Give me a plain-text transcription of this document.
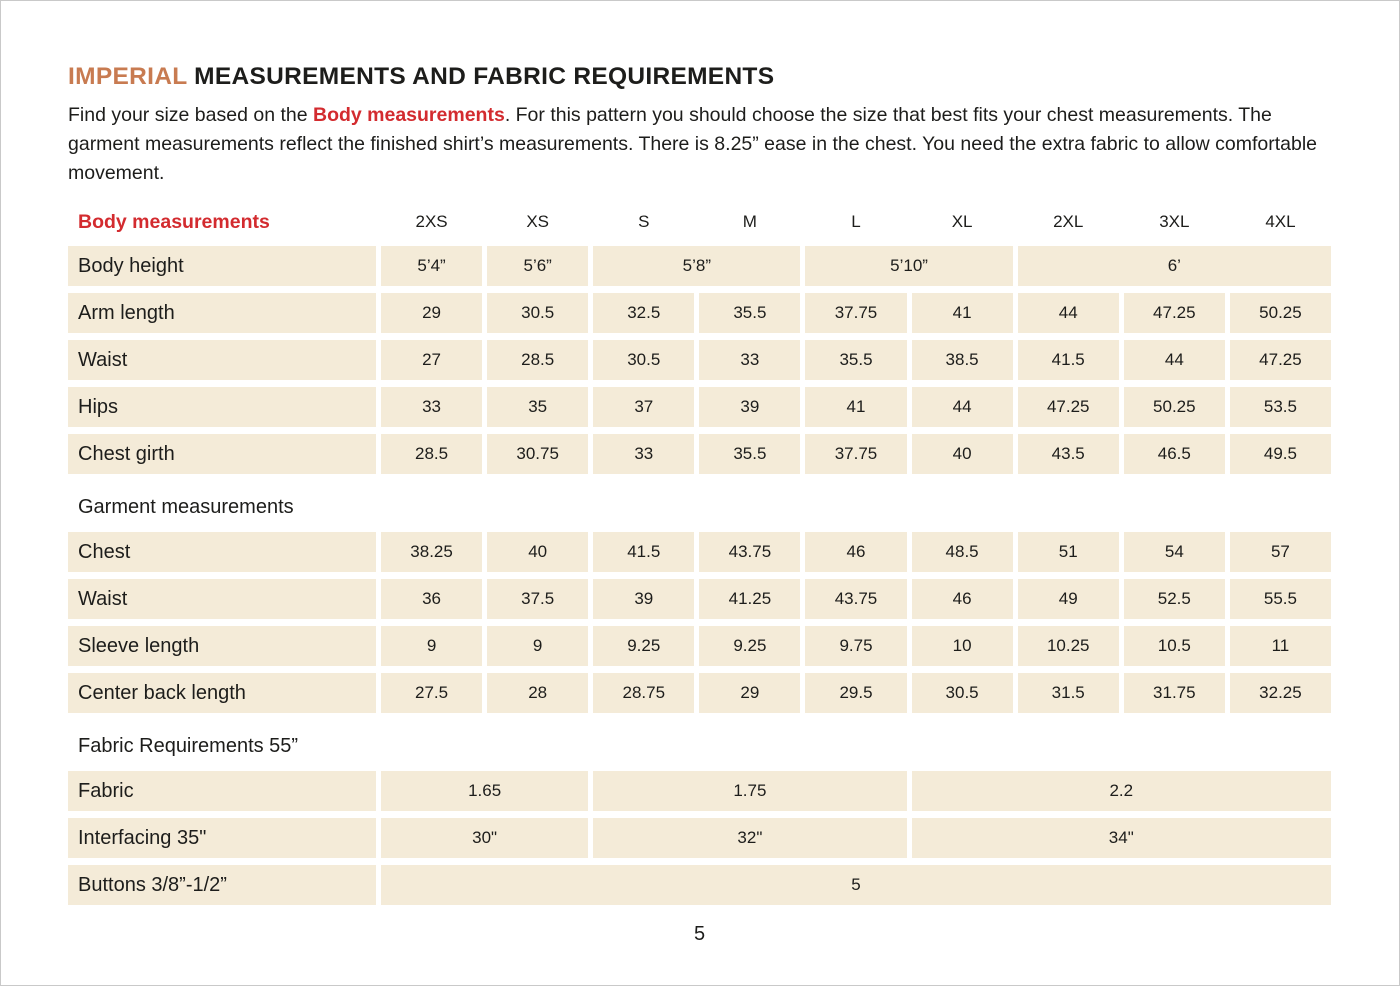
IMPERIAL MEASUREMENTS AND FABRIC REQUIREMENTS

Find your size based on the Body measurements. For this pattern you should choose the size that best fits your chest measurements. The garment measurements reflect the finished shirt’s measurements. There is 8.25” ease in the chest. You need the extra fabric to allow comfortable movement.

Body measurements	2XS	XS	S	M	L	XL	2XL	3XL	4XL
Body height	5’4”	5’6”	5’8”	5’10”	6’
Arm length	29	30.5	32.5	35.5	37.75	41	44	47.25	50.25
Waist	27	28.5	30.5	33	35.5	38.5	41.5	44	47.25
Hips	33	35	37	39	41	44	47.25	50.25	53.5
Chest girth	28.5	30.75	33	35.5	37.75	40	43.5	46.5	49.5
Garment measurements
Chest	38.25	40	41.5	43.75	46	48.5	51	54	57
Waist	36	37.5	39	41.25	43.75	46	49	52.5	55.5
Sleeve length	9	9	9.25	9.25	9.75	10	10.25	10.5	11
Center back length	27.5	28	28.75	29	29.5	30.5	31.5	31.75	32.25
Fabric Requirements 55”
Fabric	1.65	1.75	2.2
Interfacing 35"	30"	32"	34"
Buttons 3/8”-1/2”	5
5
